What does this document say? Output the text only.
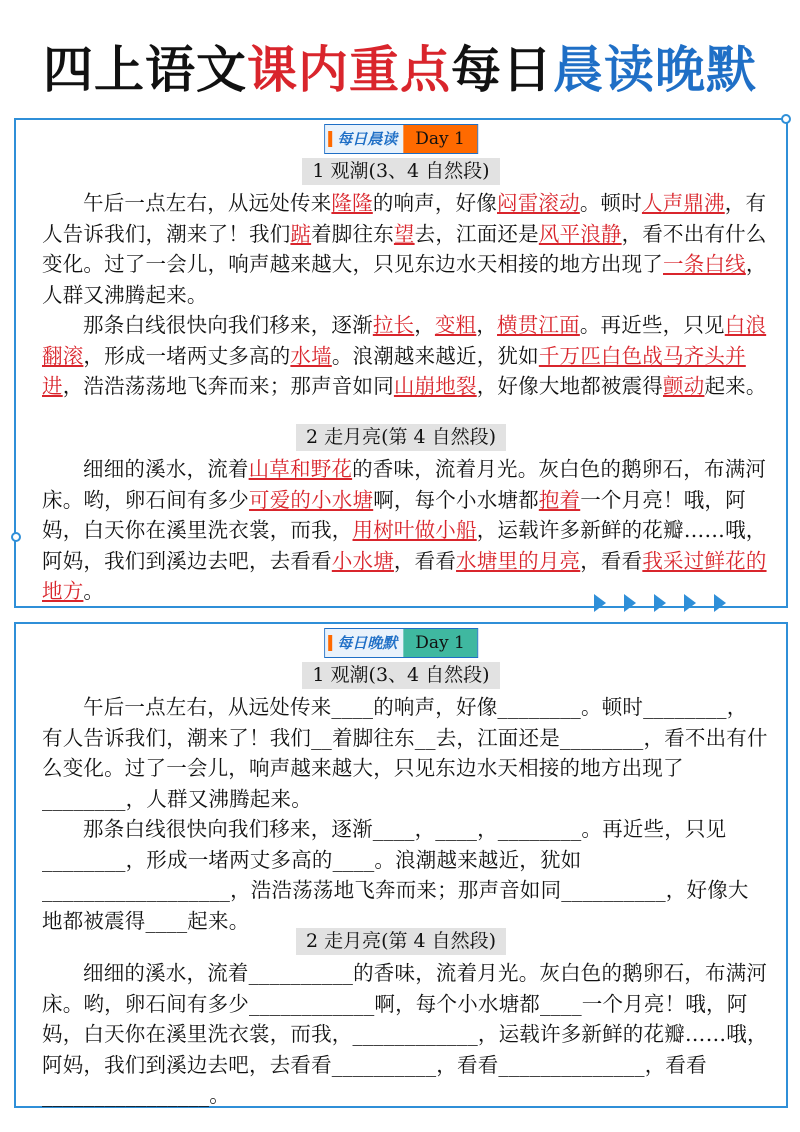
四上语文课内重点每日晨读晚默
每日晨读	Day 1
1 观潮(3、4 自然段)

午后一点左右，从远处传来隆隆的响声，好像闷雷滚动。顿时人声鼎沸，有人告诉我们，潮来了！我们踮着脚往东望去，江面还是风平浪静，看不出有什么变化。过了一会儿，响声越来越大，只见东边水天相接的地方出现了一条白线，人群又沸腾起来。

那条白线很快向我们移来，逐渐拉长，变粗，横贯江面。再近些，只见白浪翻滚，形成一堵两丈多高的水墙。浪潮越来越近，犹如千万匹白色战马齐头并进，浩浩荡荡地飞奔而来；那声音如同山崩地裂，好像大地都被震得颤动起来。

2 走月亮(第 4 自然段)

细细的溪水，流着山草和野花的香味，流着月光。灰白色的鹅卵石，布满河床。哟，卵石间有多少可爱的小水塘啊，每个小水塘都抱着一个月亮！哦，阿妈，白天你在溪里洗衣裳，而我，用树叶做小船，运载许多新鲜的花瓣……哦，阿妈，我们到溪边去吧，去看看小水塘，看看水塘里的月亮，看看我采过鲜花的地方。

每日晚默	Day 1
1 观潮(3、4 自然段)

午后一点左右，从远处传来____的响声，好像________。顿时________，有人告诉我们，潮来了！我们__着脚往东__去，江面还是________，看不出有什么变化。过了一会儿，响声越来越大，只见东边水天相接的地方出现了________，人群又沸腾起来。

那条白线很快向我们移来，逐渐____，____，________。再近些，只见________，形成一堵两丈多高的____。浪潮越来越近，犹如__________________，浩浩荡荡地飞奔而来；那声音如同__________，好像大地都被震得____起来。

2 走月亮(第 4 自然段)

细细的溪水，流着__________的香味，流着月光。灰白色的鹅卵石，布满河床。哟，卵石间有多少____________啊，每个小水塘都____一个月亮！哦，阿妈，白天你在溪里洗衣裳，而我，____________，运载许多新鲜的花瓣……哦，阿妈，我们到溪边去吧，去看看__________，看看______________，看看________________。
